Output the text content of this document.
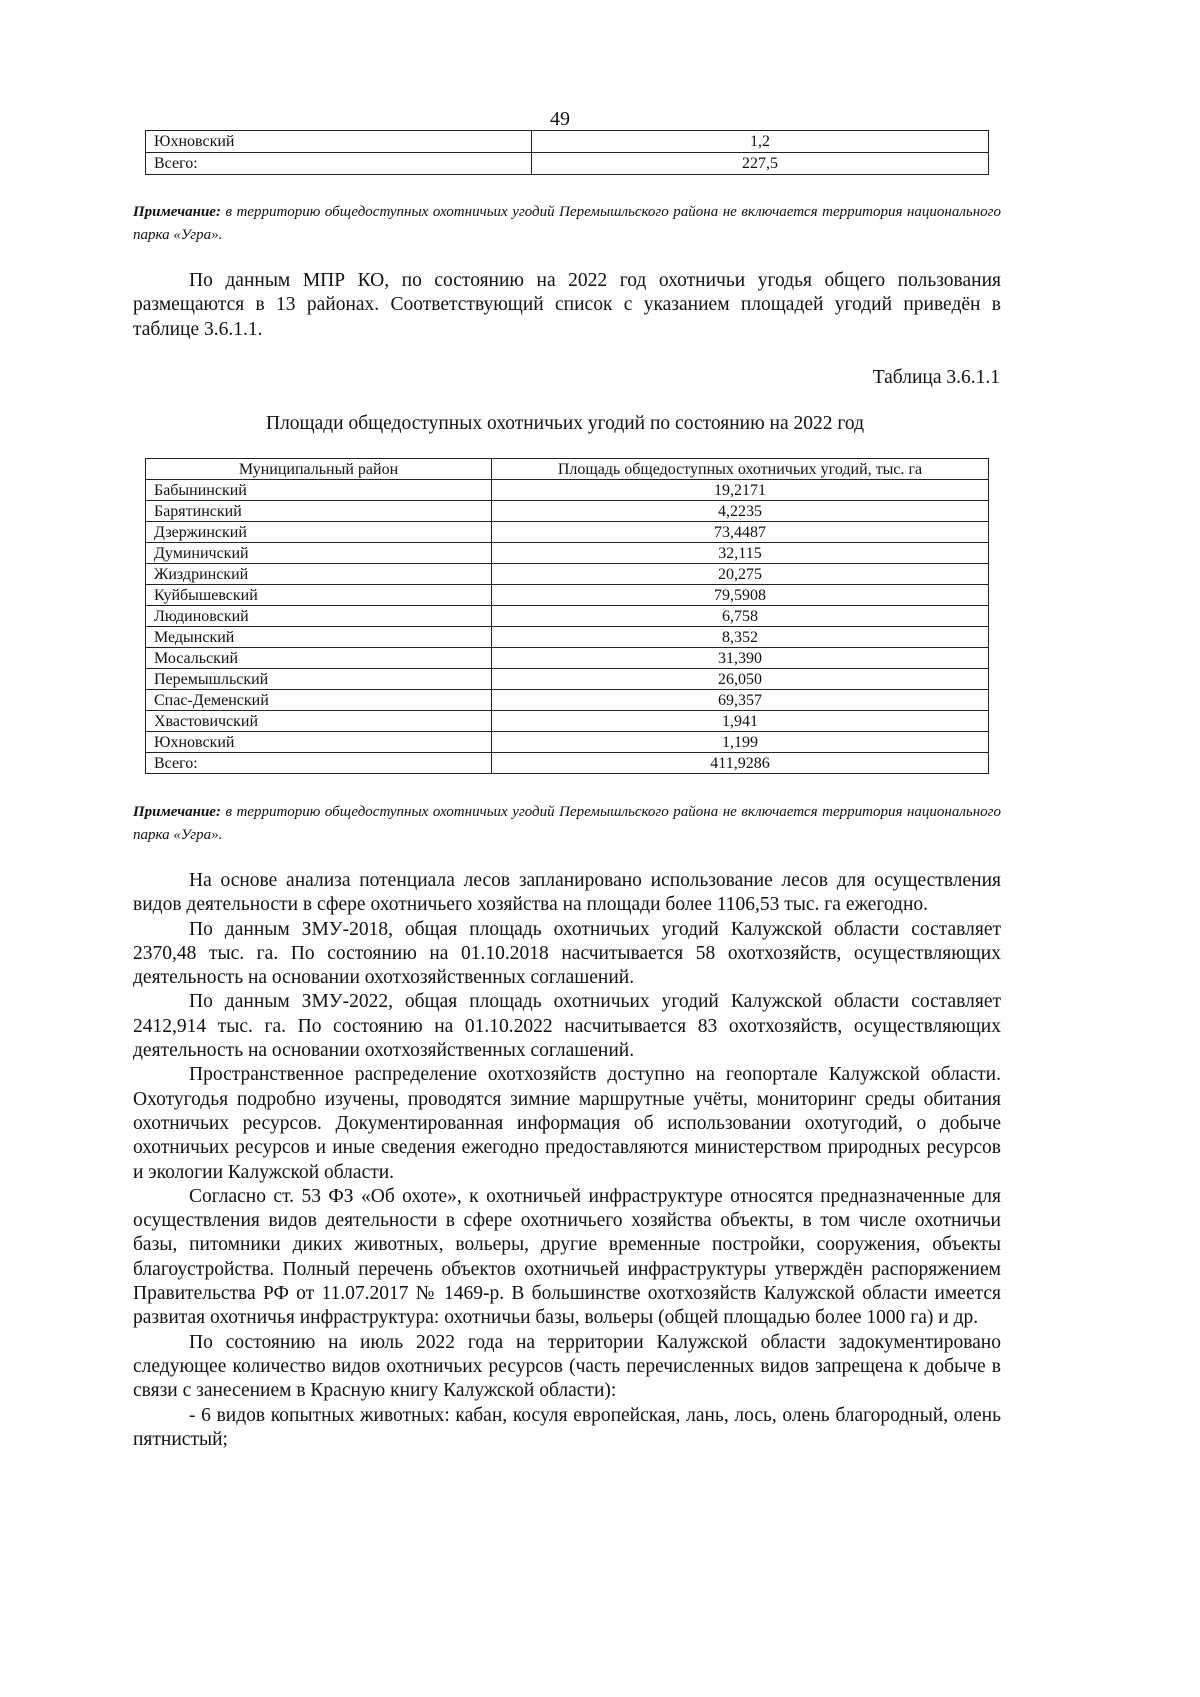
49
Юхновский	1,2
Всего:	227,5
Примечание: в территорию общедоступных охотничьих угодий Перемышльского района не включается территория национального парка «Угра».

По данным МПР КО, по состоянию на 2022 год охотничьи угодья общего пользования размещаются в 13 районах. Соответствующий список с указанием площадей угодий приведён в таблице 3.6.1.1.

Таблица 3.6.1.1
Площади общедоступных охотничьих угодий по состоянию на 2022 год
Муниципальный район	Площадь общедоступных охотничьих угодий, тыс. га
Бабынинский	19,2171
Барятинский	4,2235
Дзержинский	73,4487
Думиничский	32,115
Жиздринский	20,275
Куйбышевский	79,5908
Людиновский	6,758
Медынский	8,352
Мосальский	31,390
Перемышльский	26,050
Спас-Деменский	69,357
Хвастовичский	1,941
Юхновский	1,199
Всего:	411,9286
Примечание: в территорию общедоступных охотничьих угодий Перемышльского района не включается территория национального парка «Угра».

На основе анализа потенциала лесов запланировано использование лесов для осуществления видов деятельности в сфере охотничьего хозяйства на площади более 1106,53 тыс. га ежегодно.

По данным ЗМУ-2018, общая площадь охотничьих угодий Калужской области составляет 2370,48 тыс. га. По состоянию на 01.10.2018 насчитывается 58 охотхозяйств, осуществляющих деятельность на основании охотхозяйственных соглашений.

По данным ЗМУ-2022, общая площадь охотничьих угодий Калужской области составляет 2412,914 тыс. га. По состоянию на 01.10.2022 насчитывается 83 охотхозяйств, осуществляющих деятельность на основании охотхозяйственных соглашений.

Пространственное распределение охотхозяйств доступно на геопортале Калужской области. Охотугодья подробно изучены, проводятся зимние маршрутные учёты, мониторинг среды обитания охотничьих ресурсов. Документированная информация об использовании охотугодий, о добыче охотничьих ресурсов и иные сведения ежегодно предоставляются министерством природных ресурсов и экологии Калужской области.

Согласно ст. 53 ФЗ «Об охоте», к охотничьей инфраструктуре относятся предназначенные для осуществления видов деятельности в сфере охотничьего хозяйства объекты, в том числе охотничьи базы, питомники диких животных, вольеры, другие временные постройки, сооружения, объекты благоустройства. Полный перечень объектов охотничьей инфраструктуры утверждён распоряжением Правительства РФ от 11.07.2017 № 1469-р. В большинстве охотхозяйств Калужской области имеется развитая охотничья инфраструктура: охотничьи базы, вольеры (общей площадью более 1000 га) и др.

По состоянию на июль 2022 года на территории Калужской области задокументировано следующее количество видов охотничьих ресурсов (часть перечисленных видов запрещена к добыче в связи с занесением в Красную книгу Калужской области):

- 6 видов копытных животных: кабан, косуля европейская, лань, лось, олень благородный, олень пятнистый;
